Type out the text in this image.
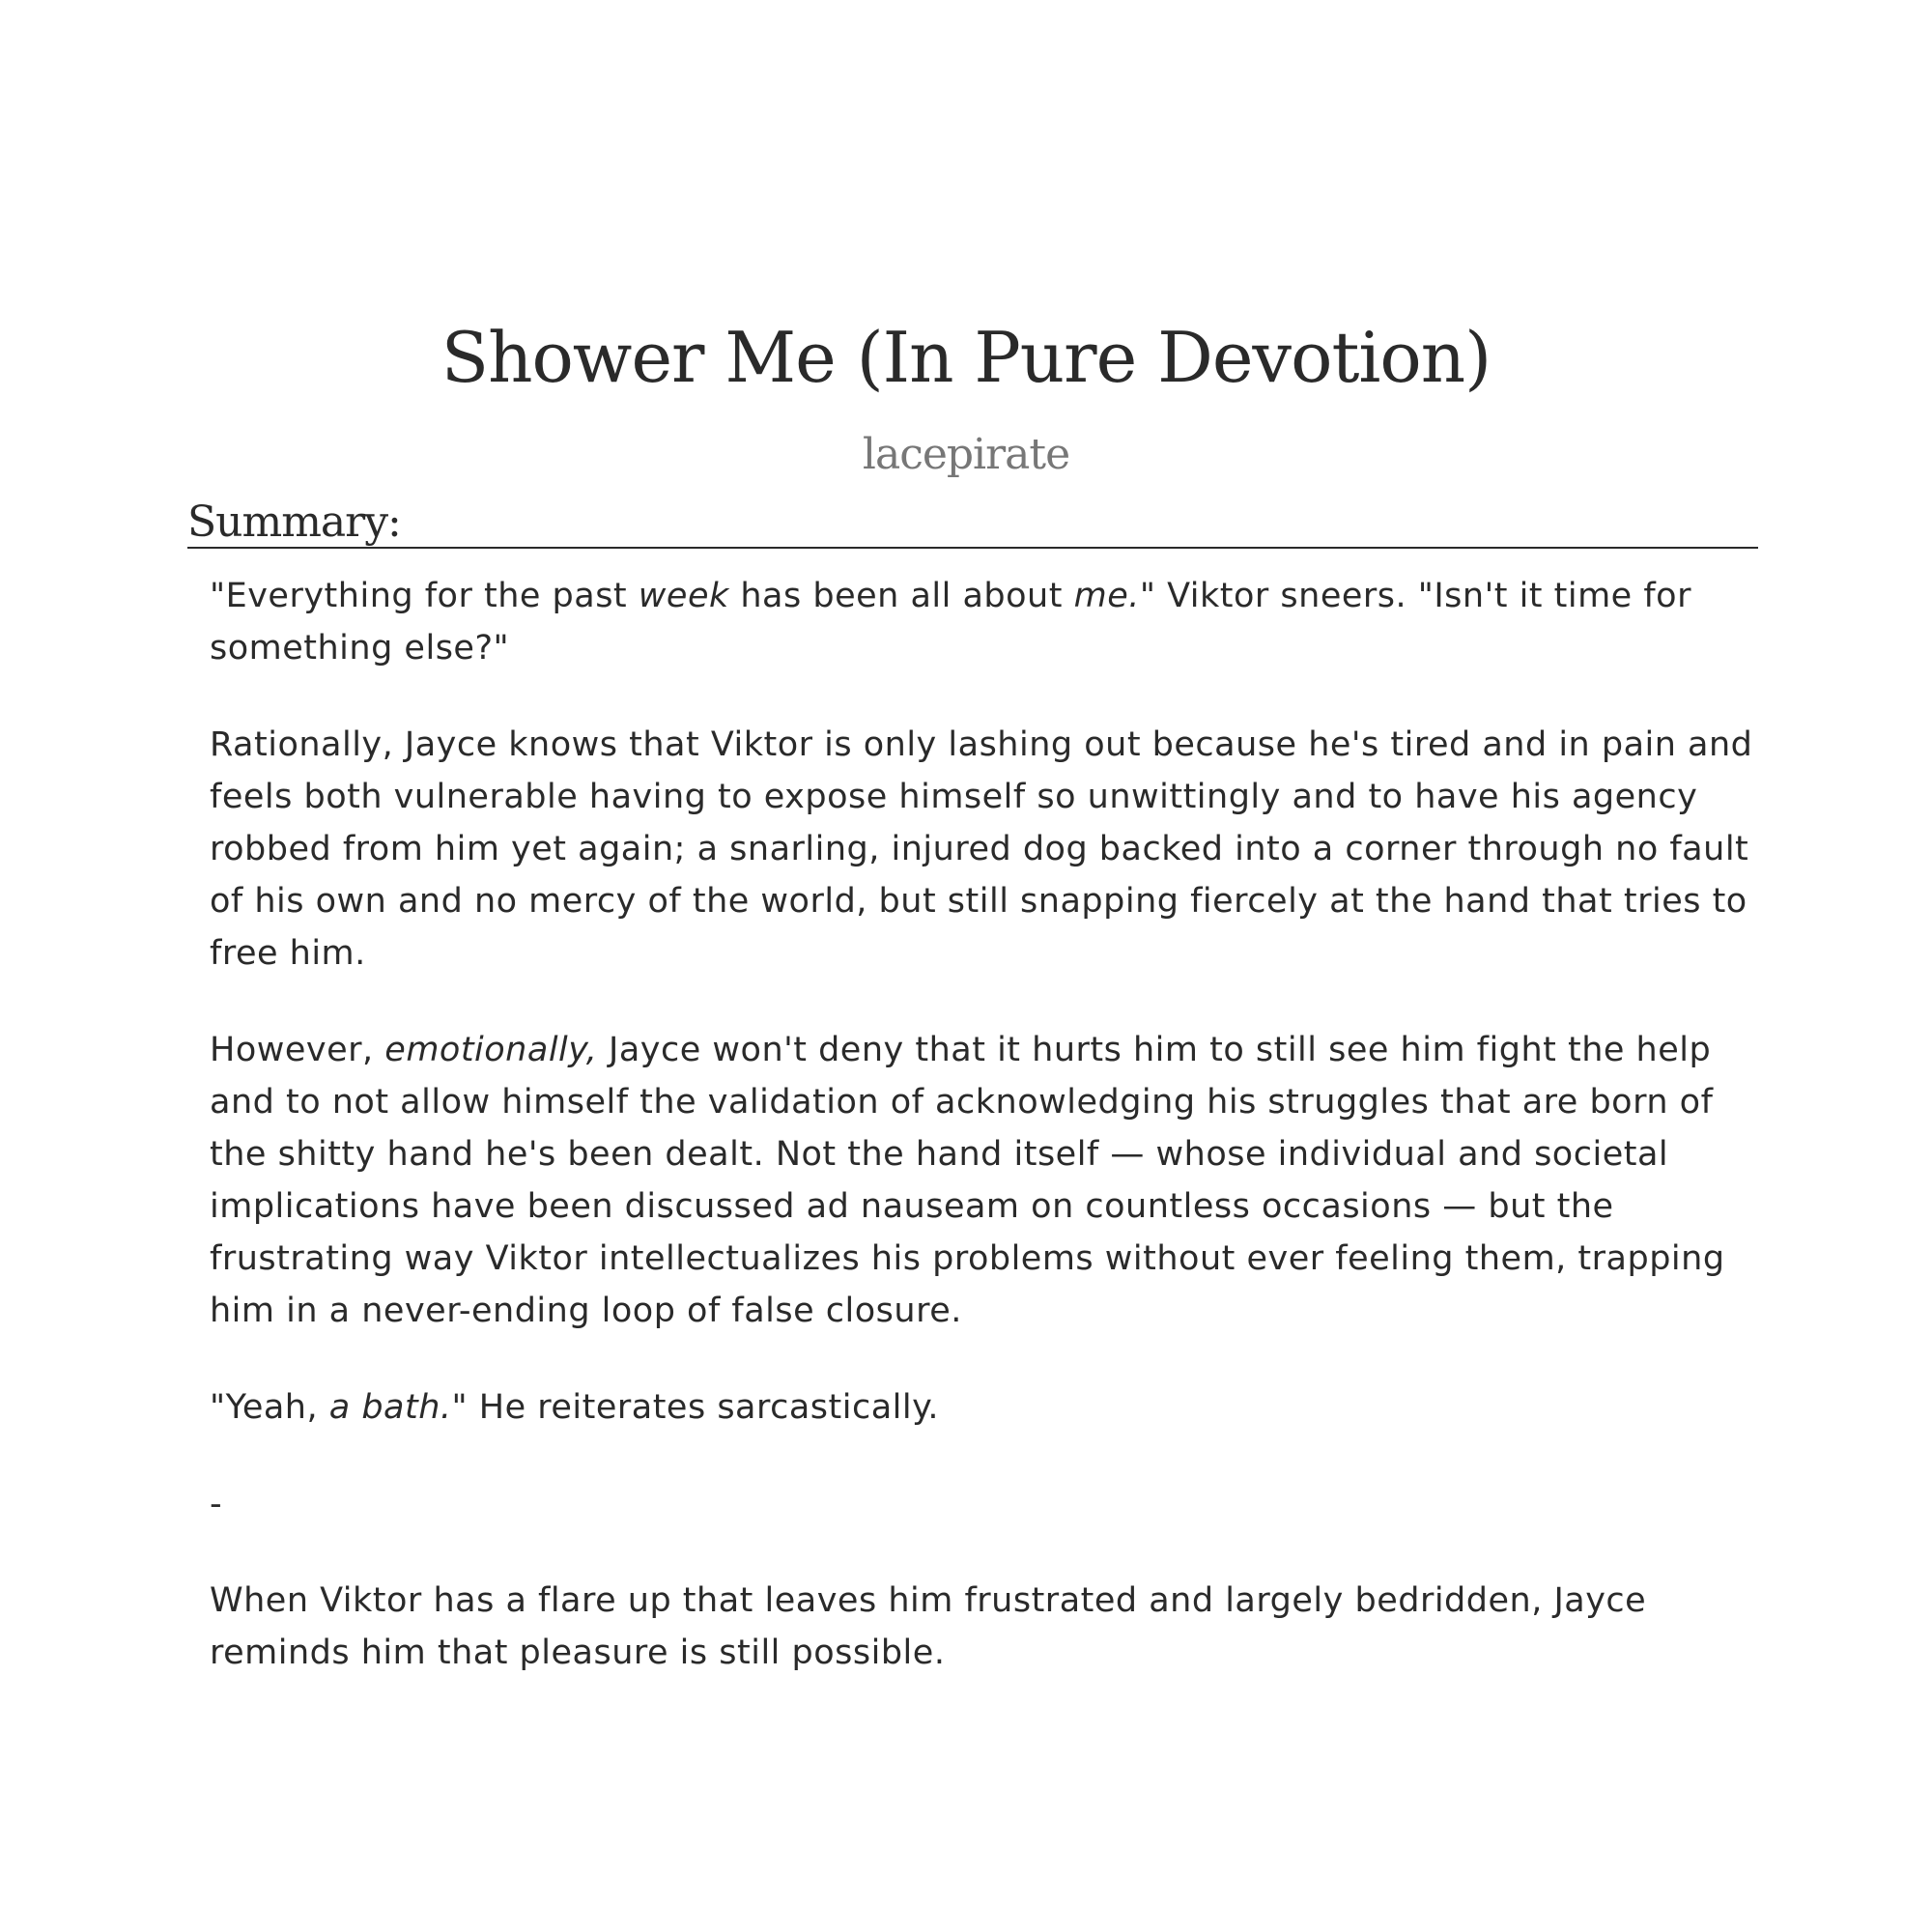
Shower Me (In Pure Devotion)
lacepirate
Summary:

"Everything for the past week has been all about me." Viktor sneers. "Isn't it time for something else?"

Rationally, Jayce knows that Viktor is only lashing out because he's tired and in pain and feels both vulnerable having to expose himself so unwittingly and to have his agency robbed from him yet again; a snarling, injured dog backed into a corner through no fault of his own and no mercy of the world, but still snapping fiercely at the hand that tries to free him.

However, emotionally, Jayce won't deny that it hurts him to still see him fight the help and to not allow himself the validation of acknowledging his struggles that are born of the shitty hand he's been dealt. Not the hand itself — whose individual and societal implications have been discussed ad nauseam on countless occasions — but the frustrating way Viktor intellectualizes his problems without ever feeling them, trapping him in a never-ending loop of false closure.

"Yeah, a bath." He reiterates sarcastically.

-

When Viktor has a flare up that leaves him frustrated and largely bedridden, Jayce reminds him that pleasure is still possible.
